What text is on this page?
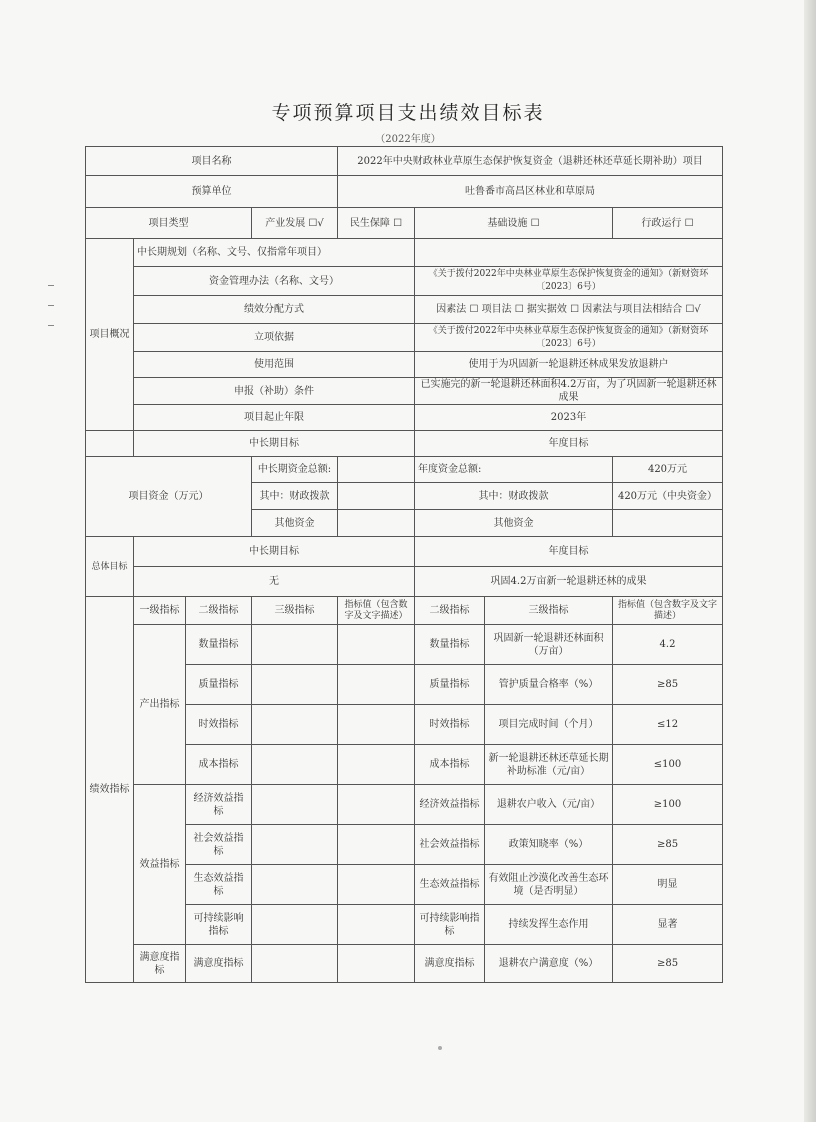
专项预算项目支出绩效目标表
（2022年度）
项目名称				2022年中央财政林业草原生态保护恢复资金（退耕还林还草延长期补助）项目			
预算单位				吐鲁番市高昌区林业和草原局			
项目类型			产业发展 ☐√	民生保障 ☐	基础设施 ☐		行政运行 ☐
项目概况	中长期规划（名称、文号、仅指常年项目）						
	资金管理办法（名称、文号）				《关于拨付2022年中央林业草原生态保护恢复资金的通知》（新财资环〔2023〕6号）		
	绩效分配方式				因素法 ☐ 项目法 ☐ 据实据效 ☐ 因素法与项目法相结合 ☐√		
	立项依据				《关于拨付2022年中央林业草原生态保护恢复资金的通知》（新财资环〔2023〕6号）		
	使用范围				使用于为巩固新一轮退耕还林成果发放退耕户		
	申报（补助）条件				已实施完的新一轮退耕还林面积4.2万亩，为了巩固新一轮退耕还林成果		
	项目起止年限				2023年		
	中长期目标				年度目标		
项目资金（万元）			中长期资金总额:		年度资金总额:		420万元
			其中：财政拨款		其中：财政拨款		420万元（中央资金）
			其他资金		其他资金		
总体目标	中长期目标				年度目标		
	无				巩固4.2万亩新一轮退耕还林的成果		
绩效指标	一级指标	二级指标	三级指标	指标值（包含数字及文字描述）	二级指标	三级指标	指标值（包含数字及文字描述）
	产出指标	数量指标			数量指标	巩固新一轮退耕还林面积（万亩）	4.2
		质量指标			质量指标	管护质量合格率（%）	≥85
		时效指标			时效指标	项目完成时间（个月）	≤12
		成本指标			成本指标	新一轮退耕还林还草延长期补助标准（元/亩）	≤100
	效益指标	经济效益指标			经济效益指标	退耕农户收入（元/亩）	≥100
		社会效益指标			社会效益指标	政策知晓率（%）	≥85
		生态效益指标			生态效益指标	有效阻止沙漠化改善生态环境（是否明显）	明显
		可持续影响指标			可持续影响指标	持续发挥生态作用	显著
	满意度指标	满意度指标			满意度指标	退耕农户满意度（%）	≥85
